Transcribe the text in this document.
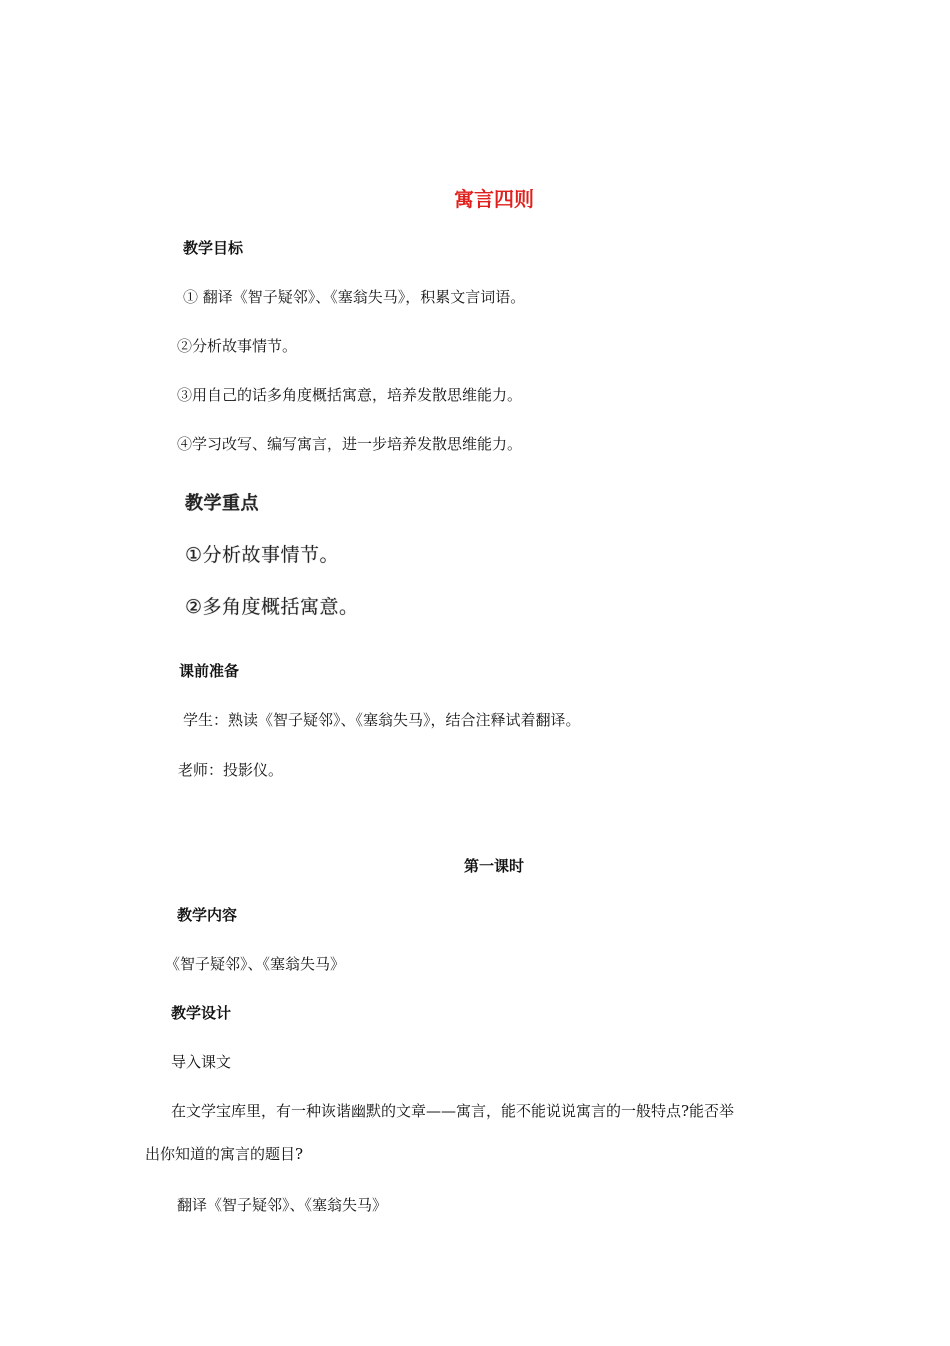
寓言四则
教学目标
① 翻译《智子疑邻》、《塞翁失马》，积累文言词语。
②分析故事情节。
③用自己的话多角度概括寓意，培养发散思维能力。
④学习改写、编写寓言，进一步培养发散思维能力。
教学重点
①分析故事情节。
②多角度概括寓意。
课前准备
学生：熟读《智子疑邻》、《塞翁失马》，结合注释试着翻译。
老师：投影仪。
第一课时
教学内容
《智子疑邻》、《塞翁失马》
教学设计
导入课文
在文学宝库里，有一种诙谐幽默的文章——寓言，能不能说说寓言的一般特点?能否举
出你知道的寓言的题目?
翻译《智子疑邻》、《塞翁失马》
